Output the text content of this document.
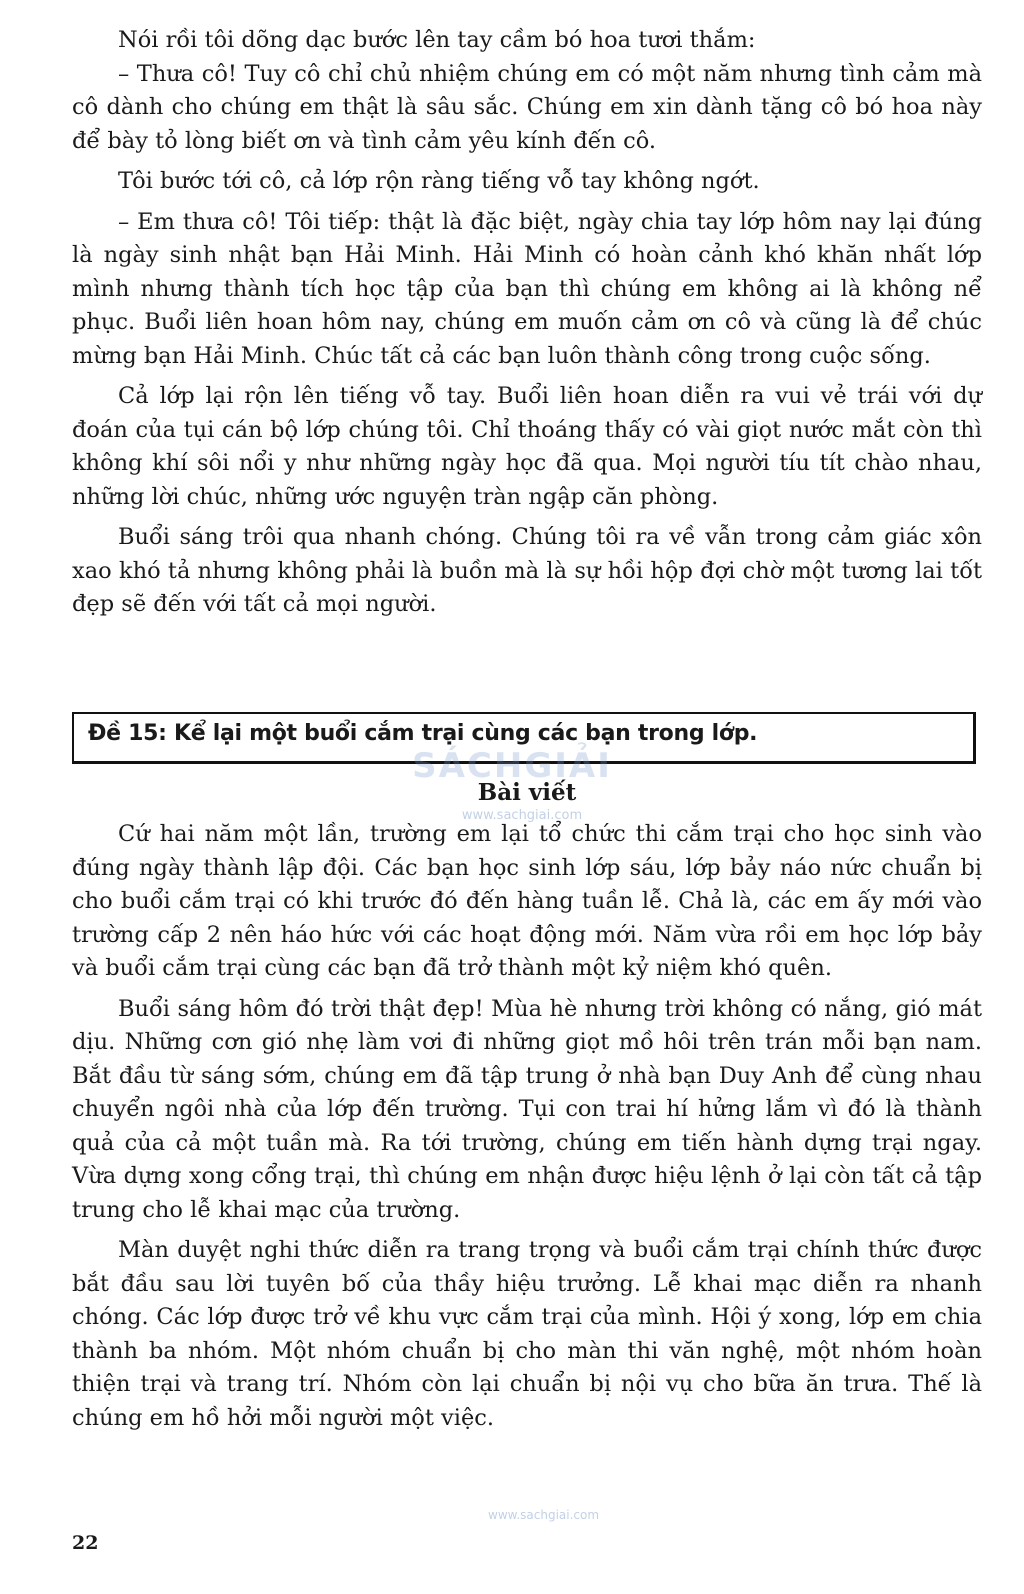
Nói rồi tôi dõng dạc bước lên tay cầm bó hoa tươi thắm:

– Thưa cô! Tuy cô chỉ chủ nhiệm chúng em có một năm nhưng tình cảm mà cô dành cho chúng em thật là sâu sắc. Chúng em xin dành tặng cô bó hoa này để bày tỏ lòng biết ơn và tình cảm yêu kính đến cô.

Tôi bước tới cô, cả lớp rộn ràng tiếng vỗ tay không ngớt.

– Em thưa cô! Tôi tiếp: thật là đặc biệt, ngày chia tay lớp hôm nay lại đúng là ngày sinh nhật bạn Hải Minh. Hải Minh có hoàn cảnh khó khăn nhất lớp mình nhưng thành tích học tập của bạn thì chúng em không ai là không nể phục. Buổi liên hoan hôm nay, chúng em muốn cảm ơn cô và cũng là để chúc mừng bạn Hải Minh. Chúc tất cả các bạn luôn thành công trong cuộc sống.

Cả lớp lại rộn lên tiếng vỗ tay. Buổi liên hoan diễn ra vui vẻ trái với dự đoán của tụi cán bộ lớp chúng tôi. Chỉ thoáng thấy có vài giọt nước mắt còn thì không khí sôi nổi y như những ngày học đã qua. Mọi người tíu tít chào nhau, những lời chúc, những ước nguyện tràn ngập căn phòng.

Buổi sáng trôi qua nhanh chóng. Chúng tôi ra về vẫn trong cảm giác xôn xao khó tả nhưng không phải là buồn mà là sự hồi hộp đợi chờ một tương lai tốt đẹp sẽ đến với tất cả mọi người.

Đề 15: Kể lại một buổi cắm trại cùng các bạn trong lớp.
SÁCHGIẢI
www.sachgiai.com
Bài viết

Cứ hai năm một lần, trường em lại tổ chức thi cắm trại cho học sinh vào đúng ngày thành lập đội. Các bạn học sinh lớp sáu, lớp bảy náo nức chuẩn bị cho buổi cắm trại có khi trước đó đến hàng tuần lễ. Chả là, các em ấy mới vào trường cấp 2 nên háo hức với các hoạt động mới. Năm vừa rồi em học lớp bảy và buổi cắm trại cùng các bạn đã trở thành một kỷ niệm khó quên.

Buổi sáng hôm đó trời thật đẹp! Mùa hè nhưng trời không có nắng, gió mát dịu. Những cơn gió nhẹ làm vơi đi những giọt mồ hôi trên trán mỗi bạn nam. Bắt đầu từ sáng sớm, chúng em đã tập trung ở nhà bạn Duy Anh để cùng nhau chuyển ngôi nhà của lớp đến trường. Tụi con trai hí hửng lắm vì đó là thành quả của cả một tuần mà. Ra tới trường, chúng em tiến hành dựng trại ngay. Vừa dựng xong cổng trại, thì chúng em nhận được hiệu lệnh ở lại còn tất cả tập trung cho lễ khai mạc của trường.

Màn duyệt nghi thức diễn ra trang trọng và buổi cắm trại chính thức được bắt đầu sau lời tuyên bố của thầy hiệu trưởng. Lễ khai mạc diễn ra nhanh chóng. Các lớp được trở về khu vực cắm trại của mình. Hội ý xong, lớp em chia thành ba nhóm. Một nhóm chuẩn bị cho màn thi văn nghệ, một nhóm hoàn thiện trại và trang trí. Nhóm còn lại chuẩn bị nội vụ cho bữa ăn trưa. Thế là chúng em hồ hởi mỗi người một việc.

www.sachgiai.com
22
